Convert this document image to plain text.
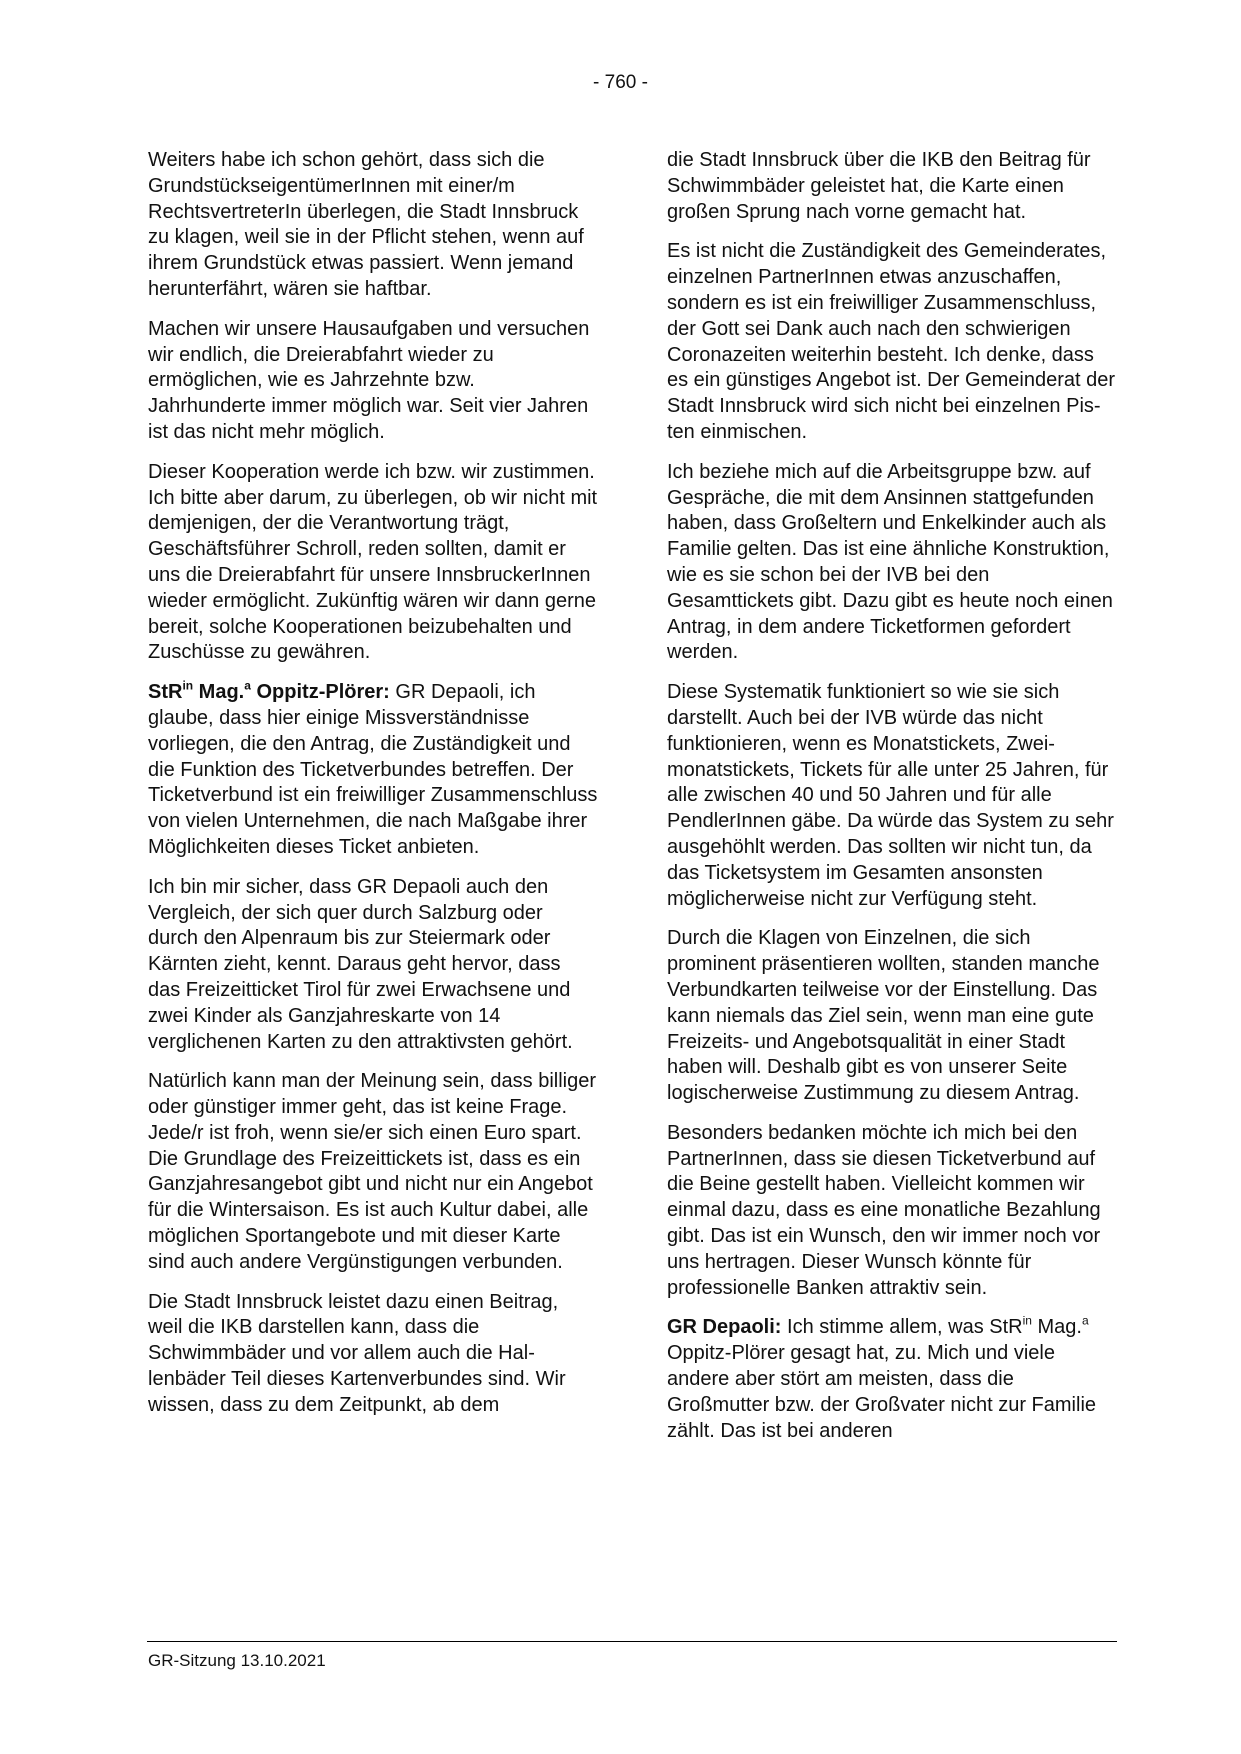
- 760 -

Weiters habe ich schon gehört, dass sich die GrundstückseigentümerInnen mit einer/m RechtsvertreterIn überlegen, die Stadt Innsbruck zu klagen, weil sie in der Pflicht stehen, wenn auf ihrem Grundstück etwas passiert. Wenn jemand herunterfährt, wären sie haftbar.

Machen wir unsere Hausaufgaben und versuchen wir endlich, die Dreierabfahrt wieder zu ermöglichen, wie es Jahrzehnte bzw. Jahrhunderte immer möglich war. Seit vier Jahren ist das nicht mehr möglich.

Dieser Kooperation werde ich bzw. wir zustimmen. Ich bitte aber darum, zu überlegen, ob wir nicht mit demjenigen, der die Verantwortung trägt, Geschäftsführer Schroll, reden sollten, damit er uns die Dreierabfahrt für unsere InnsbruckerInnen wieder ermöglicht. Zukünftig wären wir dann gerne bereit, solche Kooperationen beizubehalten und Zuschüsse zu gewähren.

StR$^{in}$ Mag.$^a$ Oppitz-Plörer: GR Depaoli, ich glaube, dass hier einige Missverständnisse vorliegen, die den Antrag, die Zuständigkeit und die Funktion des Ticketverbundes betreffen. Der Ticketverbund ist ein freiwilliger Zusammenschluss von vielen Unternehmen, die nach Maßgabe ihrer Möglichkeiten dieses Ticket anbieten.

Ich bin mir sicher, dass GR Depaoli auch den Vergleich, der sich quer durch Salzburg oder durch den Alpenraum bis zur Steiermark oder Kärnten zieht, kennt. Daraus geht hervor, dass das Freizeitticket Tirol für zwei Erwachsene und zwei Kinder als Ganzjahreskarte von 14 verglichenen Karten zu den attraktivsten gehört.

Natürlich kann man der Meinung sein, dass billiger oder günstiger immer geht, das ist keine Frage. Jede/r ist froh, wenn sie/er sich einen Euro spart. Die Grundlage des Freizeittickets ist, dass es ein Ganzjahresangebot gibt und nicht nur ein Angebot für die Wintersaison. Es ist auch Kultur dabei, alle möglichen Sportangebote und mit dieser Karte sind auch andere Vergünstigungen verbunden.

Die Stadt Innsbruck leistet dazu einen Beitrag, weil die IKB darstellen kann, dass die Schwimmbäder und vor allem auch die Hallenbäder Teil dieses Kartenverbundes sind. Wir wissen, dass zu dem Zeitpunkt, ab dem

die Stadt Innsbruck über die IKB den Beitrag für Schwimmbäder geleistet hat, die Karte einen großen Sprung nach vorne gemacht hat.

Es ist nicht die Zuständigkeit des Gemeinderates, einzelnen PartnerInnen etwas anzuschaffen, sondern es ist ein freiwilliger Zusammenschluss, der Gott sei Dank auch nach den schwierigen Coronazeiten weiterhin besteht. Ich denke, dass es ein günstiges Angebot ist. Der Gemeinderat der Stadt Innsbruck wird sich nicht bei einzelnen Pisten einmischen.

Ich beziehe mich auf die Arbeitsgruppe bzw. auf Gespräche, die mit dem Ansinnen stattgefunden haben, dass Großeltern und Enkelkinder auch als Familie gelten. Das ist eine ähnliche Konstruktion, wie es sie schon bei der IVB bei den Gesamttickets gibt. Dazu gibt es heute noch einen Antrag, in dem andere Ticketformen gefordert werden.

Diese Systematik funktioniert so wie sie sich darstellt. Auch bei der IVB würde das nicht funktionieren, wenn es Monatstickets, Zweimonatstickets, Tickets für alle unter 25 Jahren, für alle zwischen 40 und 50 Jahren und für alle PendlerInnen gäbe. Da würde das System zu sehr ausgehöhlt werden. Das sollten wir nicht tun, da das Ticketsystem im Gesamten ansonsten möglicherweise nicht zur Verfügung steht.

Durch die Klagen von Einzelnen, die sich prominent präsentieren wollten, standen manche Verbundkarten teilweise vor der Einstellung. Das kann niemals das Ziel sein, wenn man eine gute Freizeits- und Angebotsqualität in einer Stadt haben will. Deshalb gibt es von unserer Seite logischerweise Zustimmung zu diesem Antrag.

Besonders bedanken möchte ich mich bei den PartnerInnen, dass sie diesen Ticketverbund auf die Beine gestellt haben. Vielleicht kommen wir einmal dazu, dass es eine monatliche Bezahlung gibt. Das ist ein Wunsch, den wir immer noch vor uns hertragen. Dieser Wunsch könnte für professionelle Banken attraktiv sein.

GR Depaoli: Ich stimme allem, was StR$^{in}$ Mag.$^a$ Oppitz-Plörer gesagt hat, zu. Mich und viele andere aber stört am meisten, dass die Großmutter bzw. der Großvater nicht zur Familie zählt. Das ist bei anderen

GR-Sitzung 13.10.2021
